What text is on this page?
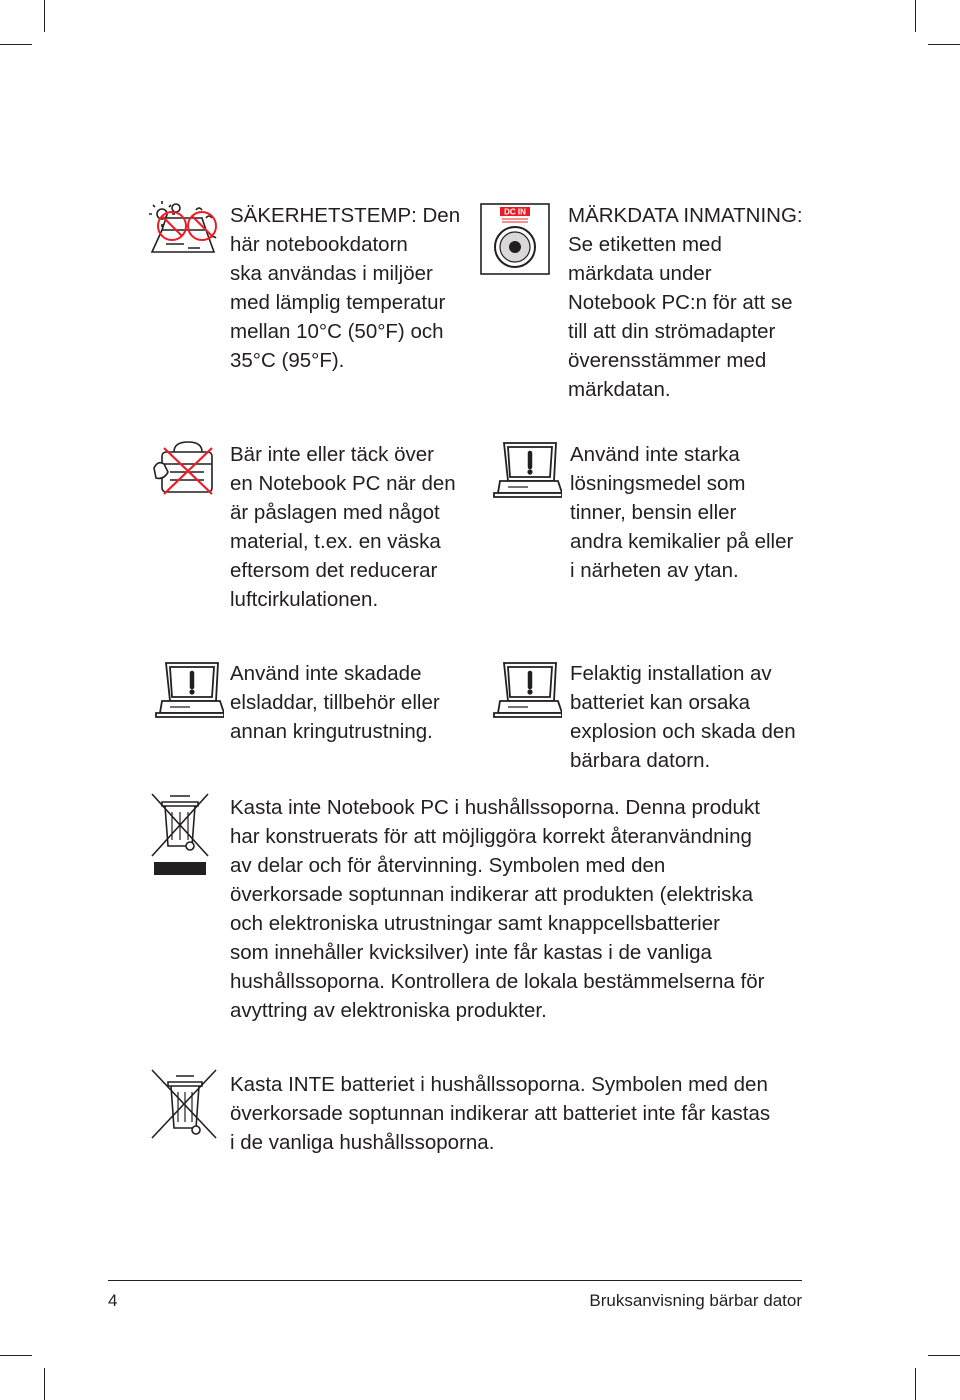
SÄKERHETSTEMP: Den
här notebookdatorn
ska användas i miljöer
med lämplig temperatur
mellan 10°C (50°F) och
35°C (95°F).
DC IN MÄRKDATA INMATNING:
Se etiketten med
märkdata under
Notebook PC:n för att se
till att din strömadapter
överensstämmer med
märkdatan.
Bär inte eller täck över
en Notebook PC när den
är påslagen med något
material, t.ex. en väska
eftersom det reducerar
luftcirkulationen.
Använd inte starka
lösningsmedel som
tinner, bensin eller
andra kemikalier på eller
i närheten av ytan.
Använd inte skadade
elsladdar, tillbehör eller
annan kringutrustning.
Felaktig installation av
batteriet kan orsaka
explosion och skada den
bärbara datorn.
Kasta inte Notebook PC i hushållssoporna. Denna produkt
har konstruerats för att möjliggöra korrekt återanvändning
av delar och för återvinning. Symbolen med den
överkorsade soptunnan indikerar att produkten (elektriska
och elektroniska utrustningar samt knappcellsbatterier
som innehåller kvicksilver) inte får kastas i de vanliga
hushållssoporna. Kontrollera de lokala bestämmelserna för
avyttring av elektroniska produkter.
Kasta INTE batteriet i hushållssoporna. Symbolen med den
överkorsade soptunnan indikerar att batteriet inte får kastas
i de vanliga hushållssoporna.
4	Bruksanvisning bärbar dator
